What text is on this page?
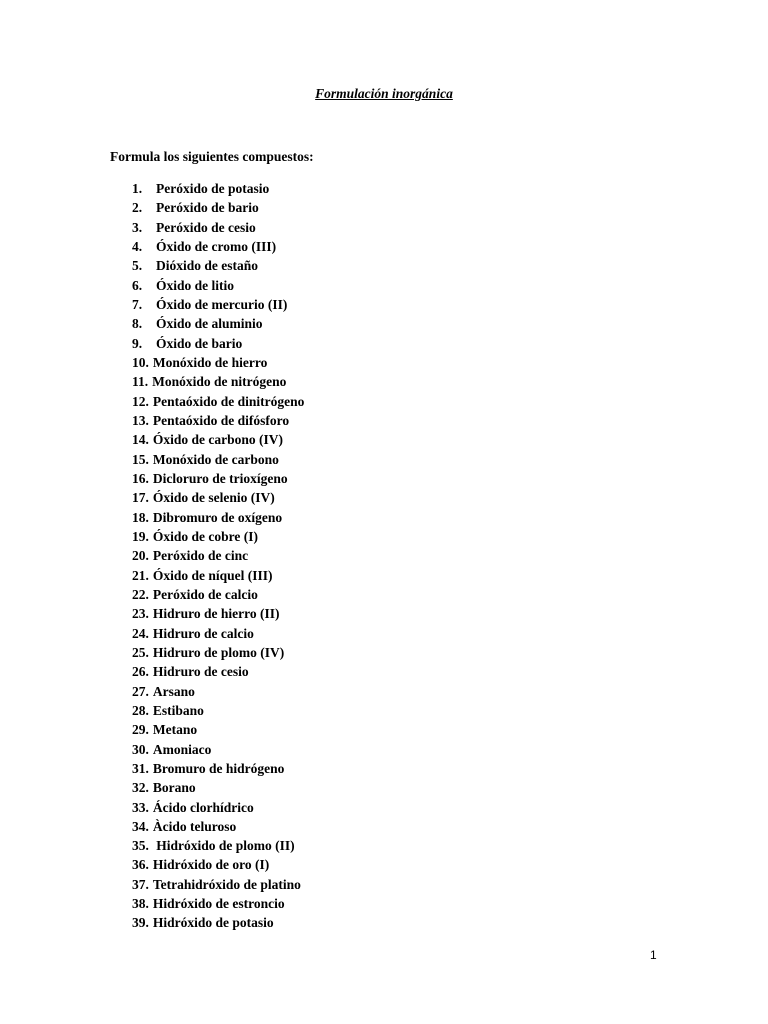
Formulación inorgánica

Formula los siguientes compuestos:

1.	Peróxido de potasio
2.	Peróxido de bario
3.	Peróxido de cesio
4.	Óxido de cromo (III)
5.	Dióxido de estaño
6.	Óxido de litio
7.	Óxido de mercurio (II)
8.	Óxido de aluminio
9.	Óxido de bario
10. Monóxido de hierro
11. Monóxido de nitrógeno
12. Pentaóxido de dinitrógeno
13. Pentaóxido de difósforo
14. Óxido de carbono (IV)
15. Monóxido de carbono
16. Dicloruro de trioxígeno
17. Óxido de selenio (IV)
18. Dibromuro de oxígeno
19. Óxido de cobre (I)
20. Peróxido de cinc
21. Óxido de níquel (III)
22. Peróxido de calcio
23. Hidruro de hierro (II)
24. Hidruro de calcio
25. Hidruro de plomo (IV)
26. Hidruro de cesio
27. Arsano
28. Estibano
29. Metano
30. Amoniaco
31. Bromuro de hidrógeno
32. Borano
33. Ácido clorhídrico
34. Àcido teluroso
35. Hidróxido de plomo (II)
36. Hidróxido de oro (I)
37. Tetrahidróxido de platino
38. Hidróxido de estroncio
39. Hidróxido de potasio

1
